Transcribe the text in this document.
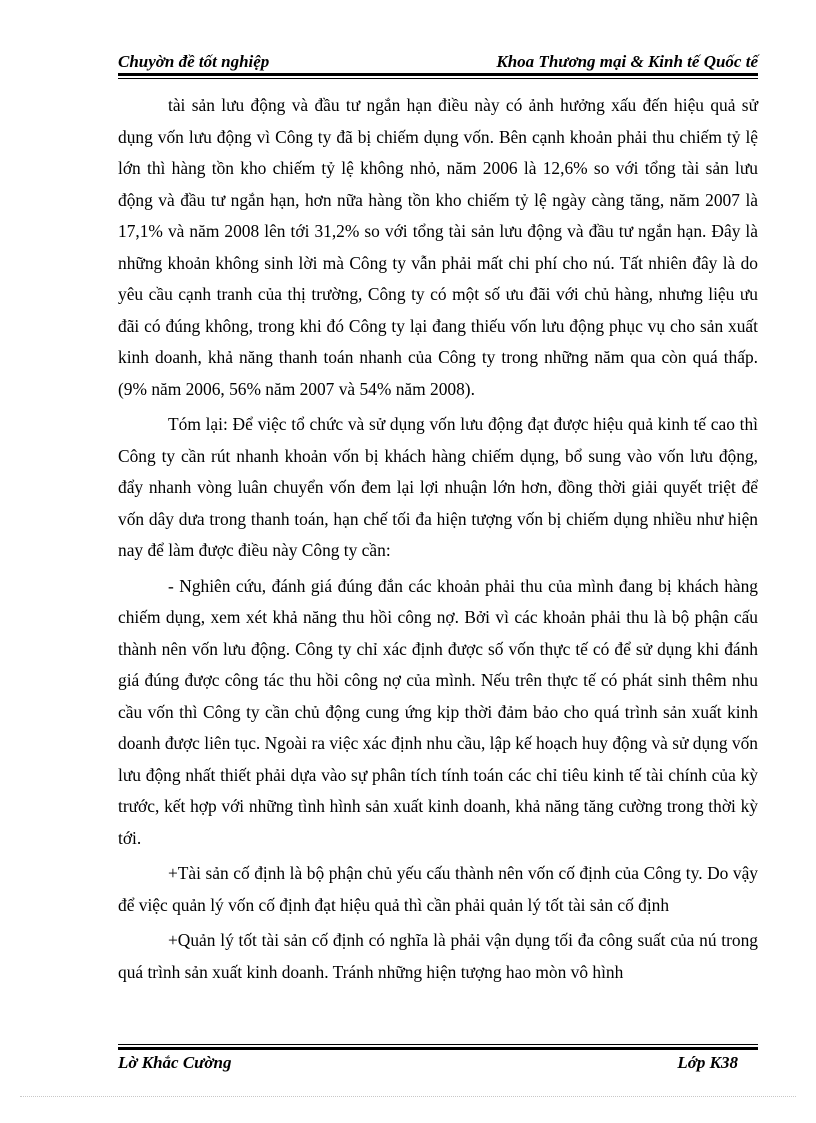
Chuyờn đề tốt nghiệp	Khoa Thương mại & Kinh tế Quốc tế

tài sản lưu động và đầu tư ngắn hạn điều này có ảnh hưởng xấu đến hiệu quả sử dụng vốn lưu động vì Công ty đã bị chiếm dụng vốn. Bên cạnh khoản phải thu chiếm tỷ lệ lớn thì hàng tồn kho chiếm tỷ lệ không nhỏ, năm 2006 là 12,6% so với tổng tài sản lưu động và đầu tư ngắn hạn, hơn nữa hàng tồn kho chiếm tỷ lệ ngày càng tăng, năm 2007 là 17,1% và năm 2008 lên tới 31,2% so với tổng tài sản lưu động và đầu tư ngắn hạn. Đây là những khoản không sinh lời mà Công ty vẫn phải mất chi phí cho nú. Tất nhiên đây là do yêu cầu cạnh tranh của thị trường, Công ty có một số ưu đãi với chủ hàng, nhưng liệu ưu đãi có đúng không, trong khi đó Công ty lại đang thiếu vốn lưu động phục vụ cho sản xuất kinh doanh, khả năng thanh toán nhanh của Công ty trong những năm qua còn quá thấp. (9% năm 2006, 56% năm 2007 và 54% năm 2008).

Tóm lại: Để việc tổ chức và sử dụng vốn lưu động đạt được hiệu quả kinh tế cao thì Công ty cần rút nhanh khoản vốn bị khách hàng chiếm dụng, bổ sung vào vốn lưu động, đẩy nhanh vòng luân chuyển vốn đem lại lợi nhuận lớn hơn, đồng thời giải quyết triệt để vốn dây dưa trong thanh toán, hạn chế tối đa hiện tượng vốn bị chiếm dụng nhiều như hiện nay để làm được điều này Công ty cần:

- Nghiên cứu, đánh giá đúng đắn các khoản phải thu của mình đang bị khách hàng chiếm dụng, xem xét khả năng thu hồi công nợ. Bởi vì các khoản phải thu là bộ phận cấu thành nên vốn lưu động. Công ty chỉ xác định được số vốn thực tế có để sử dụng khi đánh giá đúng được công tác thu hồi công nợ của mình. Nếu trên thực tế có phát sinh thêm nhu cầu vốn thì Công ty cần chủ động cung ứng kịp thời đảm bảo cho quá trình sản xuất kinh doanh được liên tục. Ngoài ra việc xác định nhu cầu, lập kế hoạch huy động và sử dụng vốn lưu động nhất thiết phải dựa vào sự phân tích tính toán các chỉ tiêu kinh tế tài chính của kỳ trước, kết hợp với những tình hình sản xuất kinh doanh, khả năng tăng cường trong thời kỳ tới.

+Tài sản cố định là bộ phận chủ yếu cấu thành nên vốn cố định của Công ty. Do vậy để việc quản lý vốn cố định đạt hiệu quả thì cần phải quản lý tốt tài sản cố định

+Quản lý tốt tài sản cố định có nghĩa là phải vận dụng tối đa công suất của nú trong quá trình sản xuất kinh doanh. Tránh những hiện tượng hao mòn vô hình

Lờ Khắc Cường	Lớp K38
